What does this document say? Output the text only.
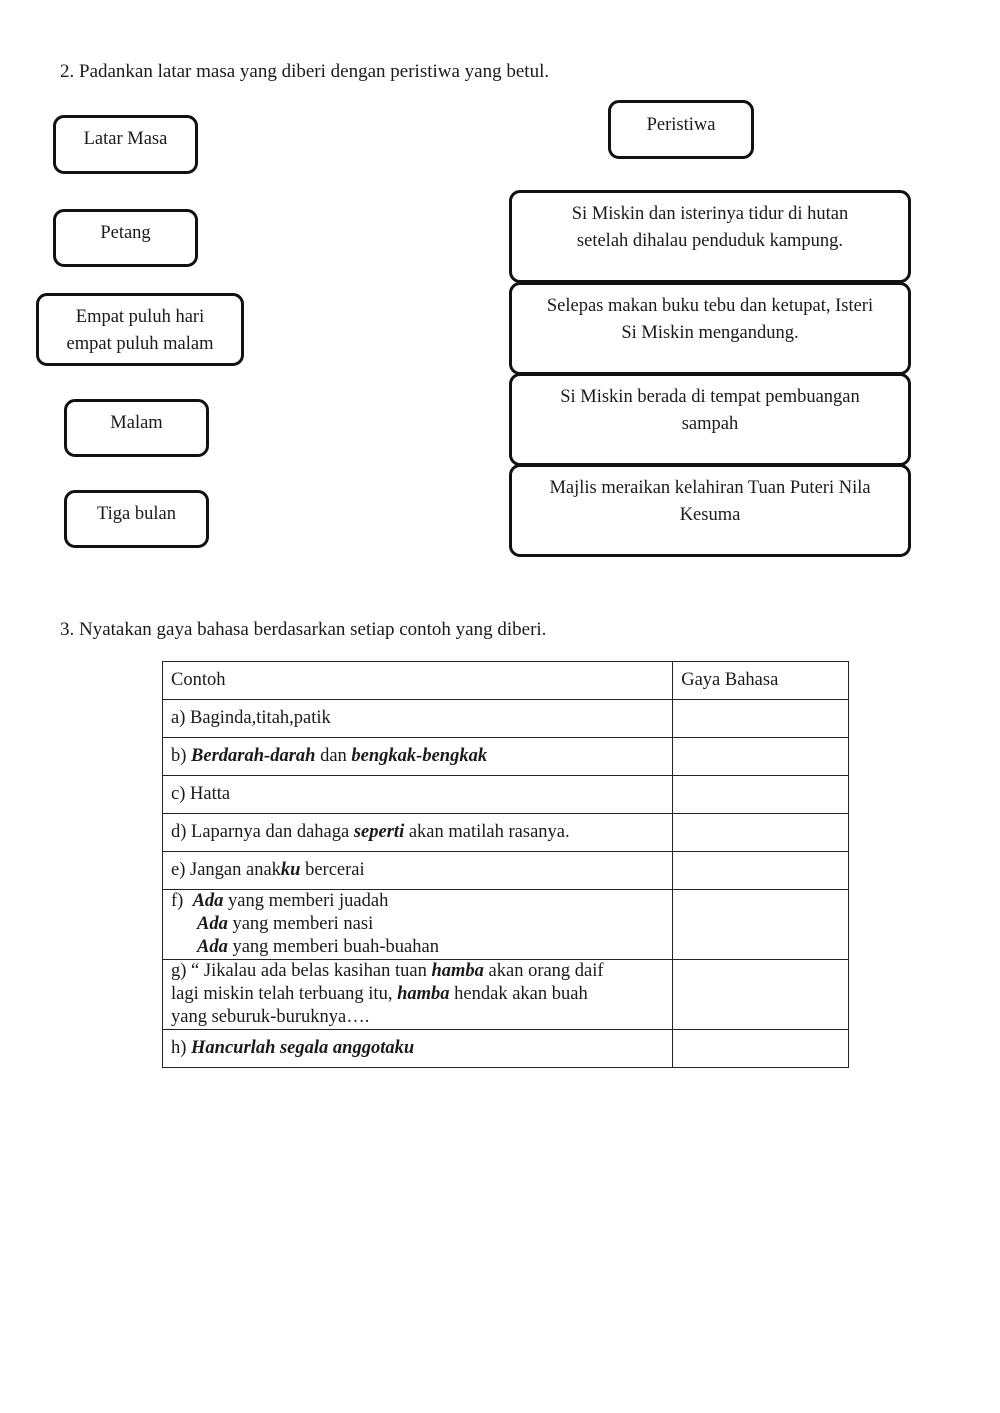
2. Padankan latar masa yang diberi dengan peristiwa yang betul.
Latar Masa
Petang
Empat puluh hari
empat puluh malam
Malam
Tiga bulan
Peristiwa
Si Miskin dan isterinya tidur di hutan
setelah dihalau penduduk kampung.
Selepas makan buku tebu dan ketupat, Isteri
Si Miskin mengandung.
Si Miskin berada di tempat pembuangan
sampah
Majlis meraikan kelahiran Tuan Puteri Nila
Kesuma
3. Nyatakan gaya bahasa berdasarkan setiap contoh yang diberi.
Contoh	Gaya Bahasa
a) Baginda,titah,patik	
b) Berdarah-darah dan bengkak-bengkak	
c) Hatta	
d) Laparnya dan dahaga seperti akan matilah rasanya.	
e) Jangan anakku bercerai	

f) Ada yang memberi juadah
Ada yang memberi nasi
Ada yang memberi buah-buahan	

g) “ Jikalau ada belas kasihan tuan hamba akan orang daif
lagi miskin telah terbuang itu, hamba hendak akan buah
yang seburuk-buruknya….	

h) Hancurlah segala anggotaku	
